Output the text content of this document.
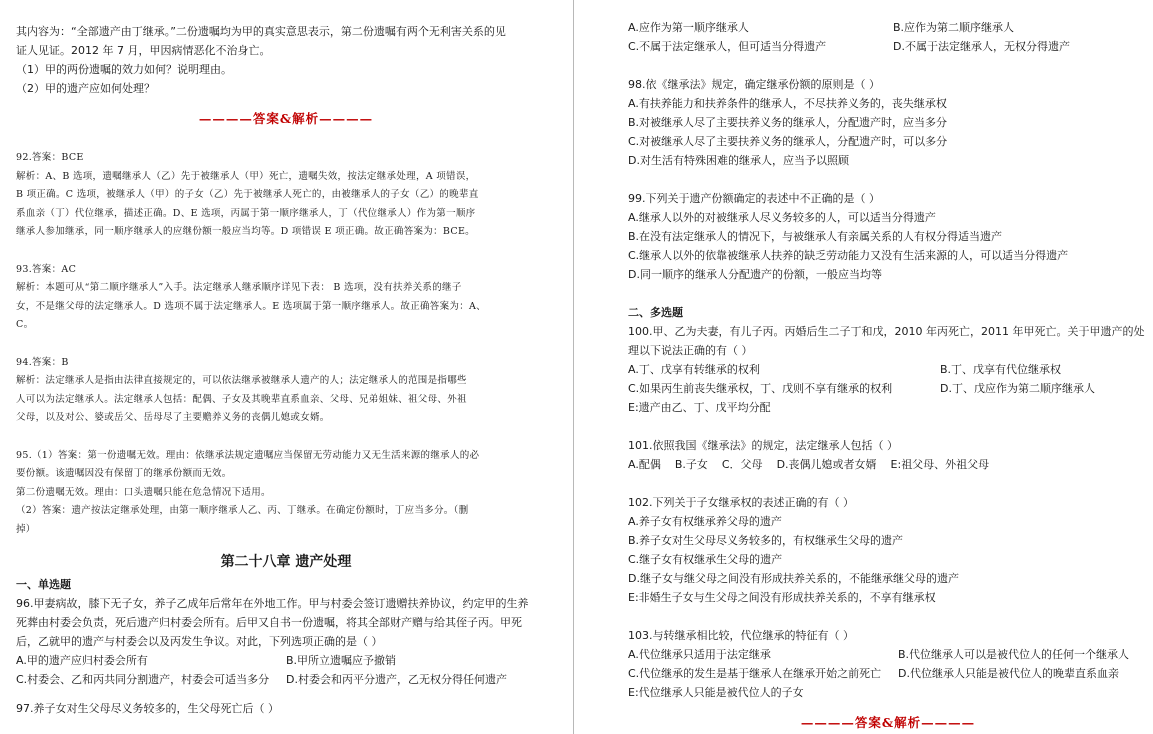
其内容为：“全部遗产由丁继承。”二份遗嘱均为甲的真实意思表示，第二份遗嘱有两个无利害关系的见
证人见证。2012 年 7 月，甲因病情恶化不治身亡。
（1）甲的两份遗嘱的效力如何？说明理由。
（2）甲的遗产应如何处理？
————答案&解析————
92.答案：BCE
解析：A、B 选项，遗嘱继承人（乙）先于被继承人（甲）死亡，遗嘱失效，按法定继承处理，A 项错误，
B 项正确。C 选项，被继承人（甲）的子女（乙）先于被继承人死亡的，由被继承人的子女（乙）的晚辈直
系血亲（丁）代位继承，描述正确。D、E 选项，丙属于第一顺序继承人，丁（代位继承人）作为第一顺序
继承人参加继承，同一顺序继承人的应继份额一般应当均等。D 项错误 E 项正确。故正确答案为：BCE。
93.答案：AC
解析：本题可从“第二顺序继承人”入手。法定继承人继承顺序详见下表： B 选项，没有扶养关系的继子
女，不是继父母的法定继承人。D 选项不属于法定继承人。E 选项属于第一顺序继承人。故正确答案为：A、
C。
94.答案：B
解析：法定继承人是指由法律直接规定的，可以依法继承被继承人遗产的人；法定继承人的范围是指哪些
人可以为法定继承人。法定继承人包括：配偶、子女及其晚辈直系血亲、父母、兄弟姐妹、祖父母、外祖
父母，以及对公、婆或岳父、岳母尽了主要赡养义务的丧偶儿媳或女婿。
95.（1）答案：第一份遗嘱无效。理由：依继承法规定遗嘱应当保留无劳动能力又无生活来源的继承人的必
要份额。该遗嘱因没有保留丁的继承份额而无效。
第二份遗嘱无效。理由：口头遗嘱只能在危急情况下适用。
（2）答案：遗产按法定继承处理，由第一顺序继承人乙、丙、丁继承。在确定份额时，丁应当多分。（删
掉）
第二十八章 遗产处理
一、单选题
96.甲妻病故，膝下无子女，养子乙成年后常年在外地工作。甲与村委会签订遗赠扶养协议，约定甲的生养
死葬由村委会负责，死后遗产归村委会所有。后甲又自书一份遗嘱，将其全部财产赠与给其侄子丙。甲死
后，乙就甲的遗产与村委会以及丙发生争议。对此，下列选项正确的是（ ）
A.甲的遗产应归村委会所有	B.甲所立遗嘱应予撤销
C.村委会、乙和丙共同分割遗产，村委会可适当多分	D.村委会和丙平分遗产，乙无权分得任何遗产
97.养子女对生父母尽义务较多的，生父母死亡后（ ）
A.应作为第一顺序继承人	B.应作为第二顺序继承人
C.不属于法定继承人，但可适当分得遗产	D.不属于法定继承人，无权分得遗产
98.依《继承法》规定，确定继承份额的原则是（ ）
A.有扶养能力和扶养条件的继承人，不尽扶养义务的，丧失继承权
B.对被继承人尽了主要扶养义务的继承人，分配遗产时，应当多分
C.对被继承人尽了主要扶养义务的继承人，分配遗产时，可以多分
D.对生活有特殊困难的继承人，应当予以照顾
99.下列关于遗产份额确定的表述中不正确的是（ ）
A.继承人以外的对被继承人尽义务较多的人，可以适当分得遗产
B.在没有法定继承人的情况下，与被继承人有亲属关系的人有权分得适当遗产
C.继承人以外的依靠被继承人扶养的缺乏劳动能力又没有生活来源的人，可以适当分得遗产
D.同一顺序的继承人分配遗产的份额，一般应当均等
二、多选题
100.甲、乙为夫妻，有儿子丙。丙婚后生二子丁和戊，2010 年丙死亡，2011 年甲死亡。关于甲遗产的处
理以下说法正确的有（ ）
A.丁、戊享有转继承的权利	B.丁、戊享有代位继承权
C.如果丙生前丧失继承权，丁、戊则不享有继承的权利	D.丁、戊应作为第二顺序继承人
E:遗产由乙、丁、戊平均分配
101.依照我国《继承法》的规定，法定继承人包括（ ）
A.配偶 B.子女 C．父母 D.丧偶儿媳或者女婿 E:祖父母、外祖父母
102.下列关于子女继承权的表述正确的有（ ）
A.养子女有权继承养父母的遗产
B.养子女对生父母尽义务较多的，有权继承生父母的遗产
C.继子女有权继承生父母的遗产
D.继子女与继父母之间没有形成扶养关系的，不能继承继父母的遗产
E:非婚生子女与生父母之间没有形成扶养关系的，不享有继承权
103.与转继承相比较，代位继承的特征有（ ）
A.代位继承只适用于法定继承	B.代位继承人可以是被代位人的任何一个继承人
C.代位继承的发生是基于继承人在继承开始之前死亡	D.代位继承人只能是被代位人的晚辈直系血亲
E:代位继承人只能是被代位人的子女
————答案&解析————
